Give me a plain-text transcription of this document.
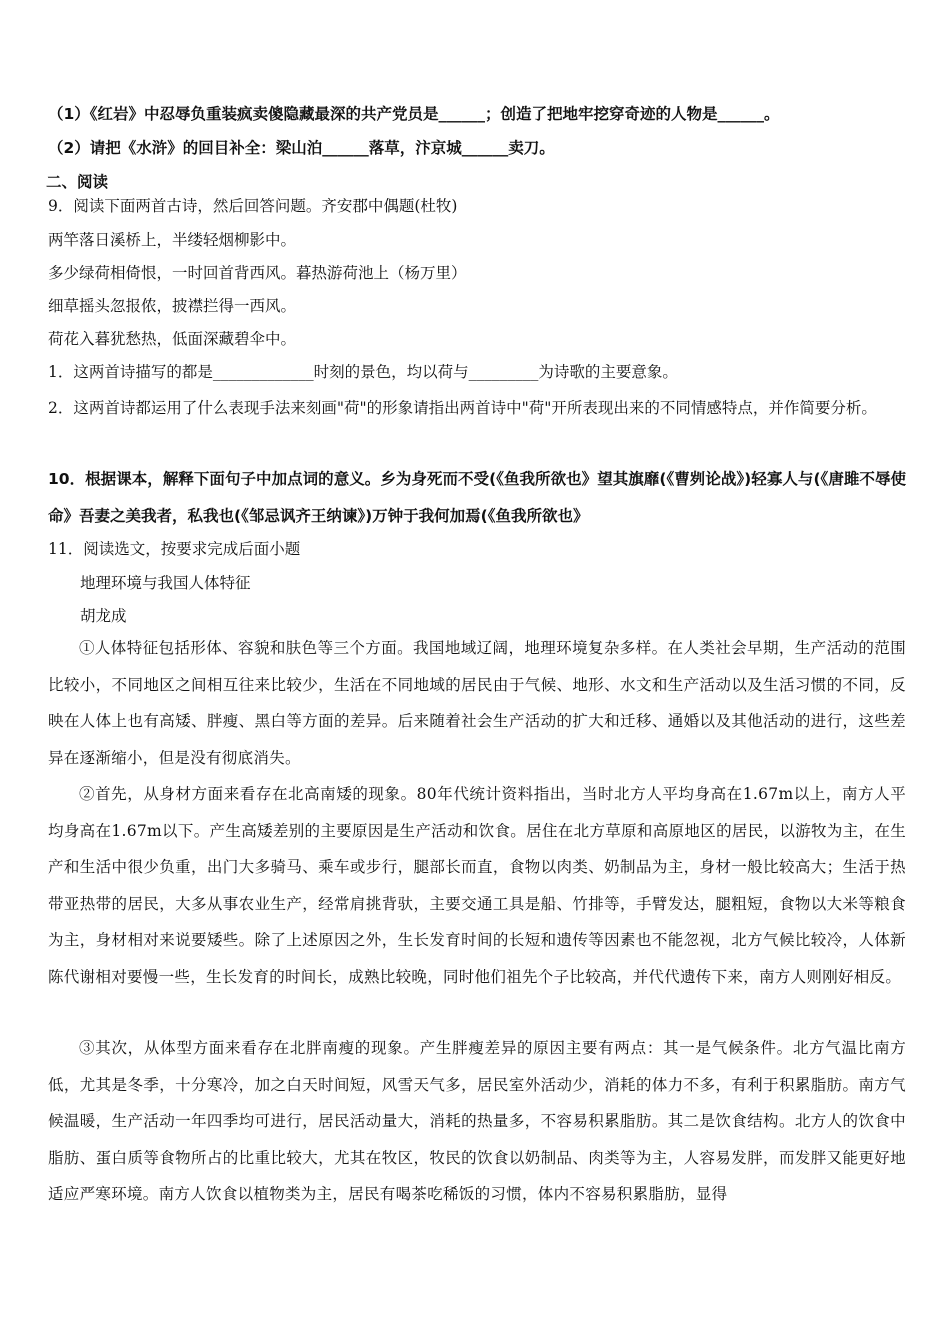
（1）《红岩》中忍辱负重装疯卖傻隐藏最深的共产党员是______；创造了把地牢挖穿奇迹的人物是______。
（2）请把《水浒》的回目补全：梁山泊______落草，汴京城______卖刀。
二、阅读
9．阅读下面两首古诗，然后回答问题。齐安郡中偶题(杜牧)
两竿落日溪桥上，半缕轻烟柳影中。
多少绿荷相倚恨，一时回首背西风。暮热游荷池上（杨万里）
细草摇头忽报侬，披襟拦得一西风。
荷花入暮犹愁热，低面深藏碧伞中。
1．这两首诗描写的都是_____________时刻的景色，均以荷与_________为诗歌的主要意象。
2．这两首诗都运用了什么表现手法来刻画"荷"的形象请指出两首诗中"荷"开所表现出来的不同情感特点，并作简要分析。
10．根据课本，解释下面句子中加点词的意义。乡为身死而不受(《鱼我所欲也》望其旗靡(《曹刿论战》)轻寡人与(《唐雎不辱使命》吾妻之美我者，私我也(《邹忌讽齐王纳谏》)万钟于我何加焉(《鱼我所欲也》
11．阅读选文，按要求完成后面小题
地理环境与我国人体特征
胡龙成
①人体特征包括形体、容貌和肤色等三个方面。我国地域辽阔，地理环境复杂多样。在人类社会早期，生产活动的范围比较小，不同地区之间相互往来比较少，生活在不同地域的居民由于气候、地形、水文和生产活动以及生活习惯的不同，反映在人体上也有高矮、胖瘦、黑白等方面的差异。后来随着社会生产活动的扩大和迁移、通婚以及其他活动的进行，这些差异在逐渐缩小，但是没有彻底消失。
②首先，从身材方面来看存在北高南矮的现象。80年代统计资料指出，当时北方人平均身高在1.67m以上，南方人平均身高在1.67m以下。产生高矮差别的主要原因是生产活动和饮食。居住在北方草原和高原地区的居民，以游牧为主，在生产和生活中很少负重，出门大多骑马、乘车或步行，腿部长而直，食物以肉类、奶制品为主，身材一般比较高大；生活于热带亚热带的居民，大多从事农业生产，经常肩挑背驮，主要交通工具是船、竹排等，手臂发达，腿粗短，食物以大米等粮食为主，身材相对来说要矮些。除了上述原因之外，生长发育时间的长短和遗传等因素也不能忽视，北方气候比较冷，人体新陈代谢相对要慢一些，生长发育的时间长，成熟比较晚，同时他们祖先个子比较高，并代代遗传下来，南方人则刚好相反。
③其次，从体型方面来看存在北胖南瘦的现象。产生胖瘦差异的原因主要有两点：其一是气候条件。北方气温比南方低，尤其是冬季，十分寒冷，加之白天时间短，风雪天气多，居民室外活动少，消耗的体力不多，有利于积累脂肪。南方气候温暖，生产活动一年四季均可进行，居民活动量大，消耗的热量多，不容易积累脂肪。其二是饮食结构。北方人的饮食中脂肪、蛋白质等食物所占的比重比较大，尤其在牧区，牧民的饮食以奶制品、肉类等为主，人容易发胖，而发胖又能更好地适应严寒环境。南方人饮食以植物类为主，居民有喝茶吃稀饭的习惯，体内不容易积累脂肪，显得
